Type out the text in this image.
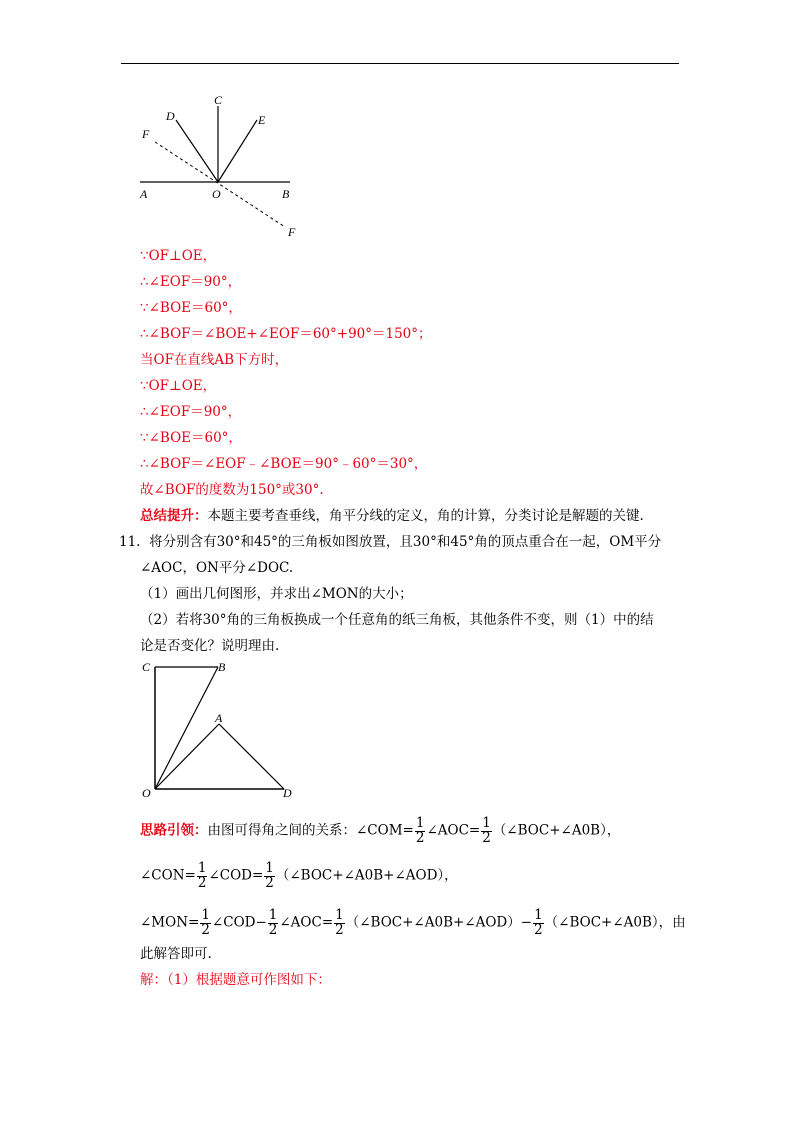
C
D	E
F
A	O	B
F
∵OF⊥OE，
∴∠EOF＝90°，
∵∠BOE＝60°，
∴∠BOF＝∠BOE+∠EOF＝60°+90°＝150°；
当OF在直线AB下方时，
∵OF⊥OE，
∴∠EOF＝90°，
∵∠BOE＝60°，
∴∠BOF＝∠EOF﹣∠BOE＝90°﹣60°＝30°，
故∠BOF的度数为150°或30°.
总结提升：本题主要考查垂线，角平分线的定义，角的计算，分类讨论是解题的关键.
11. 将分别含有30°和45°的三角板如图放置，且30°和45°角的顶点重合在一起，OM平分
∠AOC，ON平分∠DOC.
（1）画出几何图形，并求出∠MON的大小；
（2）若将30°角的三角板换成一个任意角的纸三角板，其他条件不变，则（1）中的结
论是否变化？说明理由.
C	B
A
O	D
思路引领：由图可得角之间的关系：∠COM= $\frac{1}{2}$ ∠AOC= $\frac{1}{2}$ （∠BOC+∠A0B），
∠CON= $\frac{1}{2}$ ∠COD= $\frac{1}{2}$ （∠BOC+∠A0B+∠AOD），
∠MON= $\frac{1}{2}$ ∠COD− $\frac{1}{2}$ ∠AOC= $\frac{1}{2}$ （∠BOC+∠A0B+∠AOD）− $\frac{1}{2}$ （∠BOC+∠A0B），由
此解答即可.
解：（1）根据题意可作图如下：
